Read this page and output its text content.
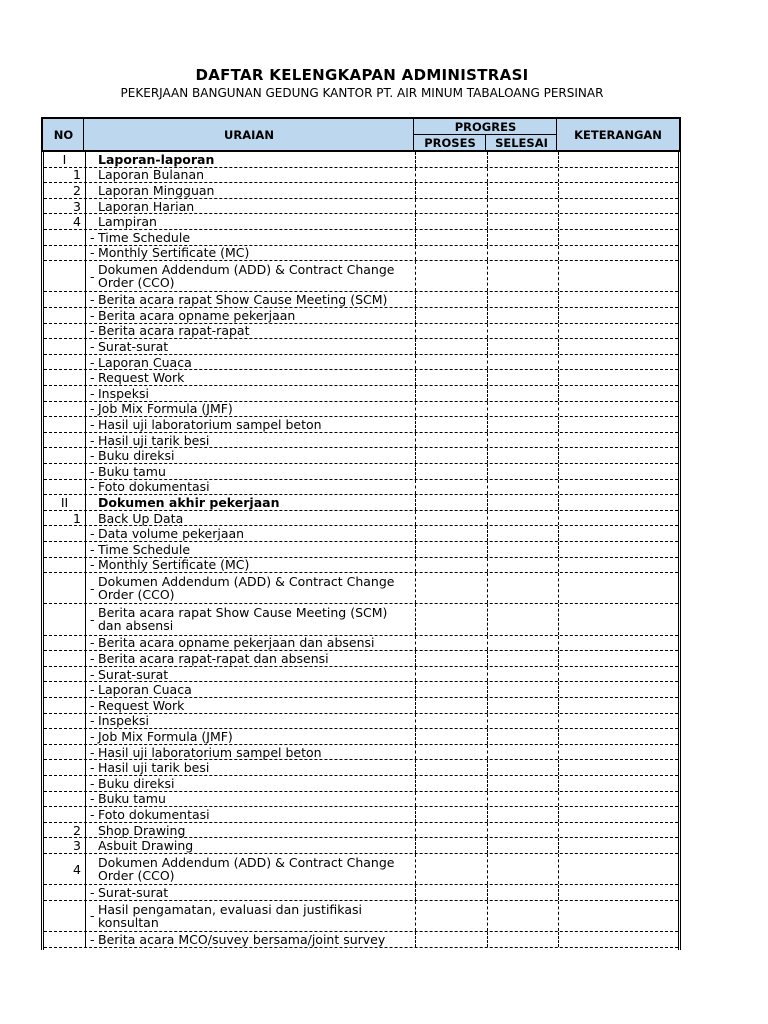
DAFTAR KELENGKAPAN ADMINISTRASI
PEKERJAAN BANGUNAN GEDUNG KANTOR PT. AIR MINUM TABALOANG PERSINAR
NO	URAIAN
PROGRES
PROSES	SELESAI
KETERANGAN
I	Laporan-laporan
1	Laporan Bulanan
2	Laporan Mingguan
3	Laporan Harian
4	Lampiran
- Time Schedule
- Monthly Sertificate (MC)
- Dokumen Addendum (ADD) & Contract Change Order (CCO)
- Berita acara rapat Show Cause Meeting (SCM)
- Berita acara opname pekerjaan
- Berita acara rapat-rapat
- Surat-surat
- Laporan Cuaca
- Request Work
- Inspeksi
- Job Mix Formula (JMF)
- Hasil uji laboratorium sampel beton
- Hasil uji tarik besi
- Buku direksi
- Buku tamu
- Foto dokumentasi
II	Dokumen akhir pekerjaan
1	Back Up Data
- Data volume pekerjaan
- Time Schedule
- Monthly Sertificate (MC)
- Dokumen Addendum (ADD) & Contract Change Order (CCO)
- Berita acara rapat Show Cause Meeting (SCM) dan absensi
- Berita acara opname pekerjaan dan absensi
- Berita acara rapat-rapat dan absensi
- Surat-surat
- Laporan Cuaca
- Request Work
- Inspeksi
- Job Mix Formula (JMF)
- Hasil uji laboratorium sampel beton
- Hasil uji tarik besi
- Buku direksi
- Buku tamu
- Foto dokumentasi
2	Shop Drawing
3	Asbuit Drawing
4	Dokumen Addendum (ADD) & Contract Change Order (CCO)
- Surat-surat
- Hasil pengamatan, evaluasi dan justifikasi konsultan
- Berita acara MCO/suvey bersama/joint survey
